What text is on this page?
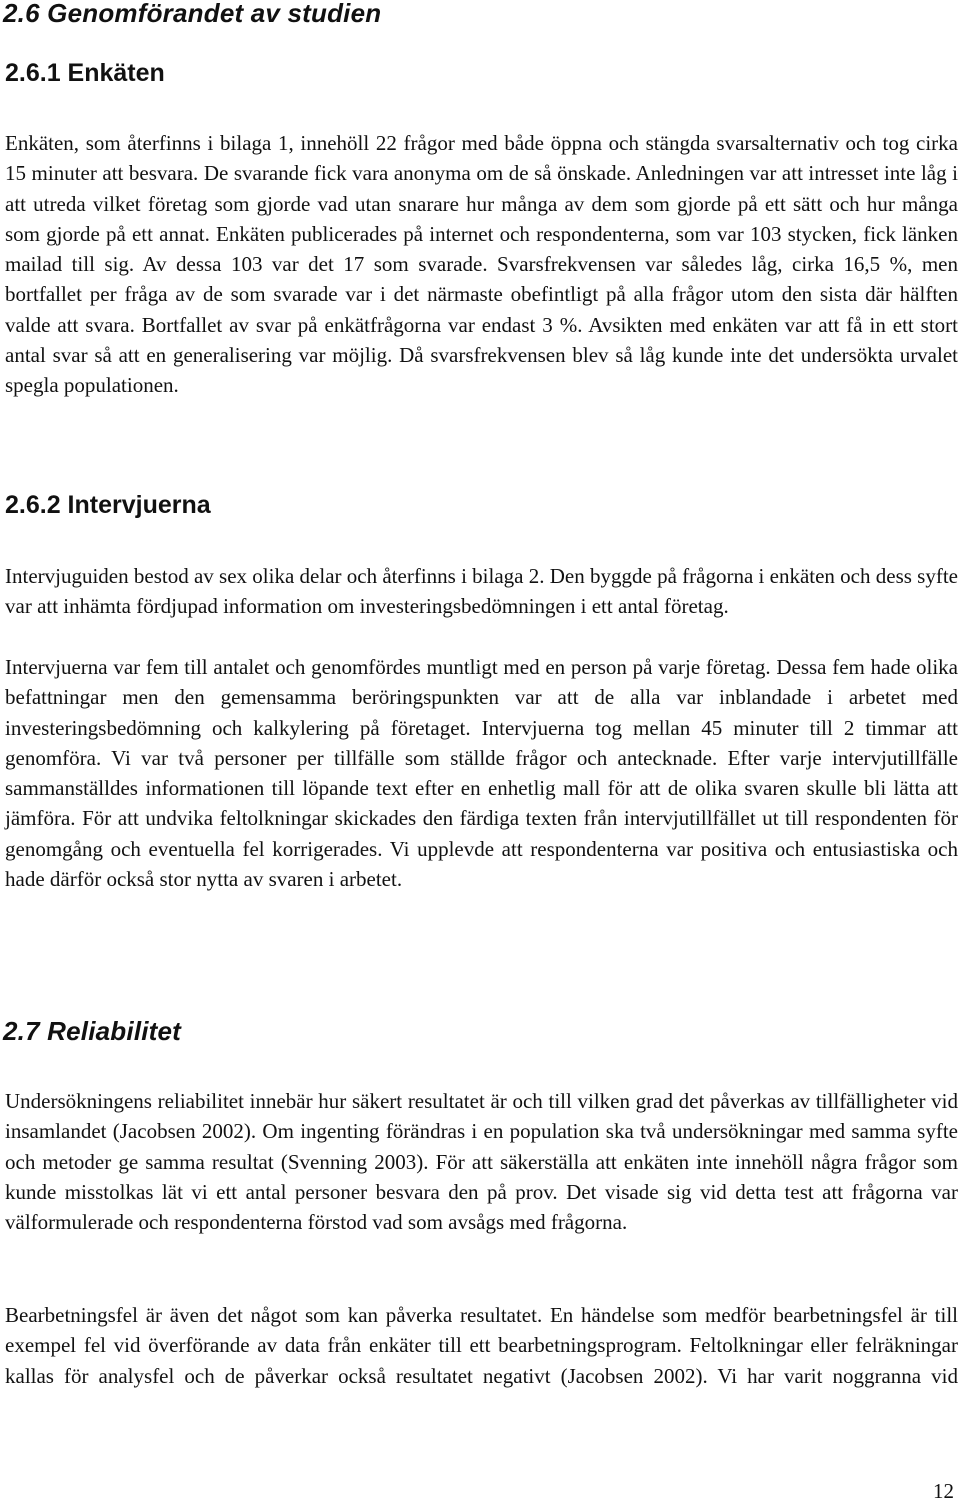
2.6 Genomförandet av studien
2.6.1 Enkäten

Enkäten, som återfinns i bilaga 1, innehöll 22 frågor med både öppna och stängda svarsalternativ och tog cirka 15 minuter att besvara. De svarande fick vara anonyma om de så önskade. Anledningen var att intresset inte låg i att utreda vilket företag som gjorde vad utan snarare hur många av dem som gjorde på ett sätt och hur många som gjorde på ett annat. Enkäten publicerades på internet och respondenterna, som var 103 stycken, fick länken mailad till sig. Av dessa 103 var det 17 som svarade. Svarsfrekvensen var således låg, cirka 16,5 %, men bortfallet per fråga av de som svarade var i det närmaste obefintligt på alla frågor utom den sista där hälften valde att svara. Bortfallet av svar på enkätfrågorna var endast 3 %. Avsikten med enkäten var att få in ett stort antal svar så att en generalisering var möjlig. Då svarsfrekvensen blev så låg kunde inte det undersökta urvalet spegla populationen.

2.6.2 Intervjuerna

Intervjuguiden bestod av sex olika delar och återfinns i bilaga 2. Den byggde på frågorna i enkäten och dess syfte var att inhämta fördjupad information om investeringsbedömningen i ett antal företag.

Intervjuerna var fem till antalet och genomfördes muntligt med en person på varje företag. Dessa fem hade olika befattningar men den gemensamma beröringspunkten var att de alla var inblandade i arbetet med investeringsbedömning och kalkylering på företaget. Intervjuerna tog mellan 45 minuter till 2 timmar att genomföra. Vi var två personer per tillfälle som ställde frågor och antecknade. Efter varje intervjutillfälle sammanställdes informationen till löpande text efter en enhetlig mall för att de olika svaren skulle bli lätta att jämföra. För att undvika feltolkningar skickades den färdiga texten från intervjutillfället ut till respondenten för genomgång och eventuella fel korrigerades. Vi upplevde att respondenterna var positiva och entusiastiska och hade därför också stor nytta av svaren i arbetet.

2.7 Reliabilitet

Undersökningens reliabilitet innebär hur säkert resultatet är och till vilken grad det påverkas av tillfälligheter vid insamlandet (Jacobsen 2002). Om ingenting förändras i en population ska två undersökningar med samma syfte och metoder ge samma resultat (Svenning 2003). För att säkerställa att enkäten inte innehöll några frågor som kunde misstolkas lät vi ett antal personer besvara den på prov. Det visade sig vid detta test att frågorna var välformulerade och respondenterna förstod vad som avsågs med frågorna.

Bearbetningsfel är även det något som kan påverka resultatet. En händelse som medför bearbetningsfel är till exempel fel vid överförande av data från enkäter till ett bearbetningsprogram. Feltolkningar eller felräkningar kallas för analysfel och de påverkar också resultatet negativt (Jacobsen 2002). Vi har varit noggranna vid

12
